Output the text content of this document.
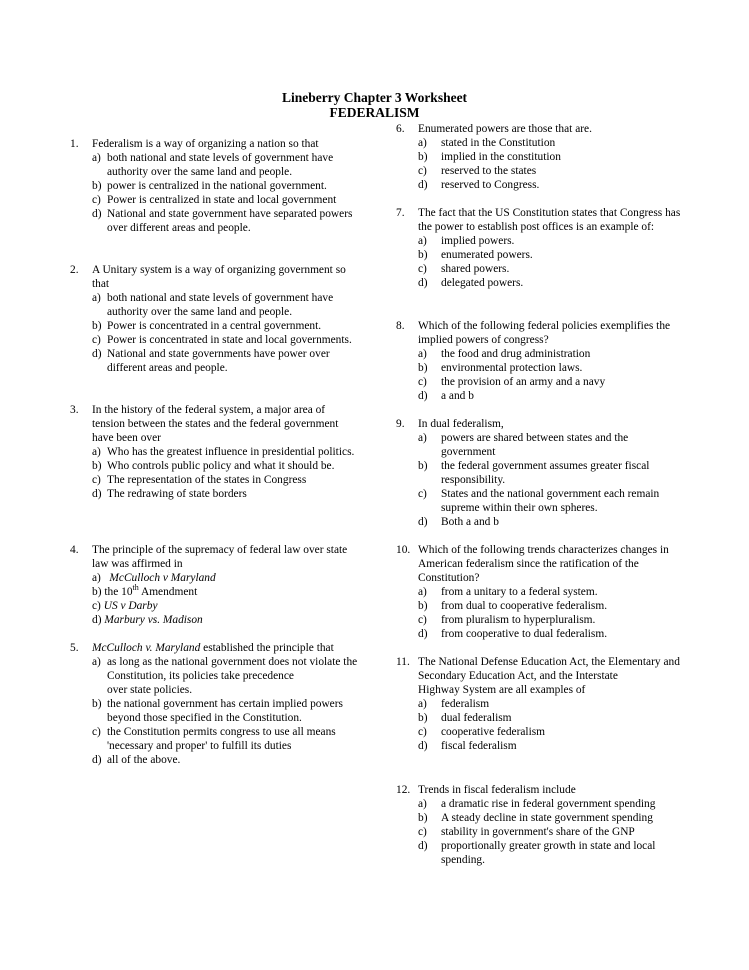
Lineberry Chapter 3 Worksheet
FEDERALISM
1.	Federalism is a way of organizing a nation so that
a) both national and state levels of government have authority over the same land and people.
b) power is centralized in the national government.
c) Power is centralized in state and local government
d) National and state government have separated powers over different areas and people.
2.	A Unitary system is a way of organizing government so that
a) both national and state levels of government have authority over the same land and people.
b) Power is concentrated in a central government.
c) Power is concentrated in state and local governments.
d) National and state governments have power over different areas and people.
3.	In the history of the federal system, a major area of tension between the states and the federal government have been over
a) Who has the greatest influence in presidential politics.
b) Who controls public policy and what it should be.
c) The representation of the states in Congress
d) The redrawing of state borders
4.	The principle of the supremacy of federal law over state law was affirmed in
a) McCulloch v Maryland
b) the 10th Amendment
c) US v Darby
d) Marbury vs. Madison
5.	McCulloch v. Maryland established the principle that
a) as long as the national government does not violate the Constitution, its policies take precedence
over state policies.
b) the national government has certain implied powers beyond those specified in the Constitution.
c) the Constitution permits congress to use all means 'necessary and proper' to fulfill its duties
d) all of the above.
6.	Enumerated powers are those that are.
a) stated in the Constitution
b) implied in the constitution
c) reserved to the states
d) reserved to Congress.
7.	The fact that the US Constitution states that Congress has the power to establish post offices is an example of:
a) implied powers.
b) enumerated powers.
c) shared powers.
d) delegated powers.
8.	Which of the following federal policies exemplifies the implied powers of congress?
a) the food and drug administration
b) environmental protection laws.
c) the provision of an army and a navy
d) a and b
9.	In dual federalism,
a) powers are shared between states and the government
b) the federal government assumes greater fiscal responsibility.
c) States and the national government each remain supreme within their own spheres.
d) Both a and b
10. Which of the following trends characterizes changes in American federalism since the ratification of the Constitution?
a) from a unitary to a federal system.
b) from dual to cooperative federalism.
c) from pluralism to hyperpluralism.
d) from cooperative to dual federalism.
11. The National Defense Education Act, the Elementary and Secondary Education Act, and the Interstate
Highway System are all examples of
a) federalism
b) dual federalism
c) cooperative federalism
d) fiscal federalism
12. Trends in fiscal federalism include
a) a dramatic rise in federal government spending
b) A steady decline in state government spending
c) stability in government's share of the GNP
d) proportionally greater growth in state and local spending.
